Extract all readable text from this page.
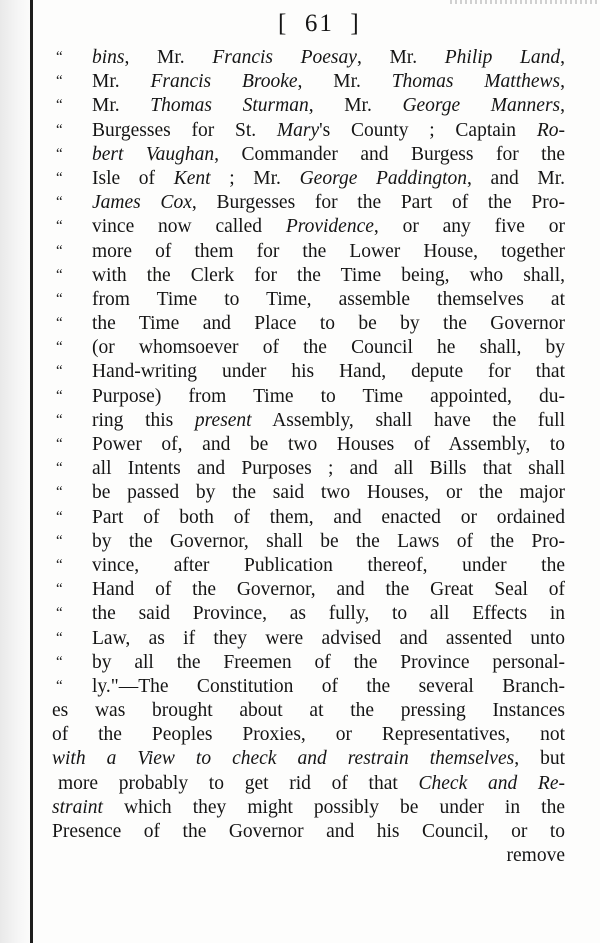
[  61  ]
“ bins, Mr. Francis Poesay, Mr. Philip Land,
“ Mr. Francis Brooke, Mr. Thomas Matthews,
“ Mr. Thomas Sturman, Mr. George Manners,
“ Burgesses for St. Mary's County ; Captain Ro-
“ bert Vaughan, Commander and Burgess for the
“ Isle of Kent ; Mr. George Paddington, and Mr.
“ James Cox, Burgesses for the Part of the Pro-
“ vince now called Providence, or any five or
“ more of them for the Lower House, together
“ with the Clerk for the Time being, who shall,
“ from Time to Time, assemble themselves at
“ the Time and Place to be by the Governor
“ (or whomsoever of the Council he shall, by
“ Hand-writing under his Hand, depute for that
“ Purpose) from Time to Time appointed, du-
“ ring this present Assembly, shall have the full
“ Power of, and be two Houses of Assembly, to
“ all Intents and Purposes ; and all Bills that shall
“ be passed by the said two Houses, or the major
“ Part of both of them, and enacted or ordained
“ by the Governor, shall be the Laws of the Pro-
“ vince, after Publication thereof, under the
“ Hand of the Governor, and the Great Seal of
“ the said Province, as fully, to all Effects in
“ Law, as if they were advised and assented unto
“ by all the Freemen of the Province personal-
“ ly."—The Constitution of the several Branch-
es was brought about at the pressing Instances
of the Peoples Proxies, or Representatives, not
with a View to check and restrain themselves, but
more probably to get rid of that Check and Re-
straint which they might possibly be under in the
Presence of the Governor and his Council, or to
remove
